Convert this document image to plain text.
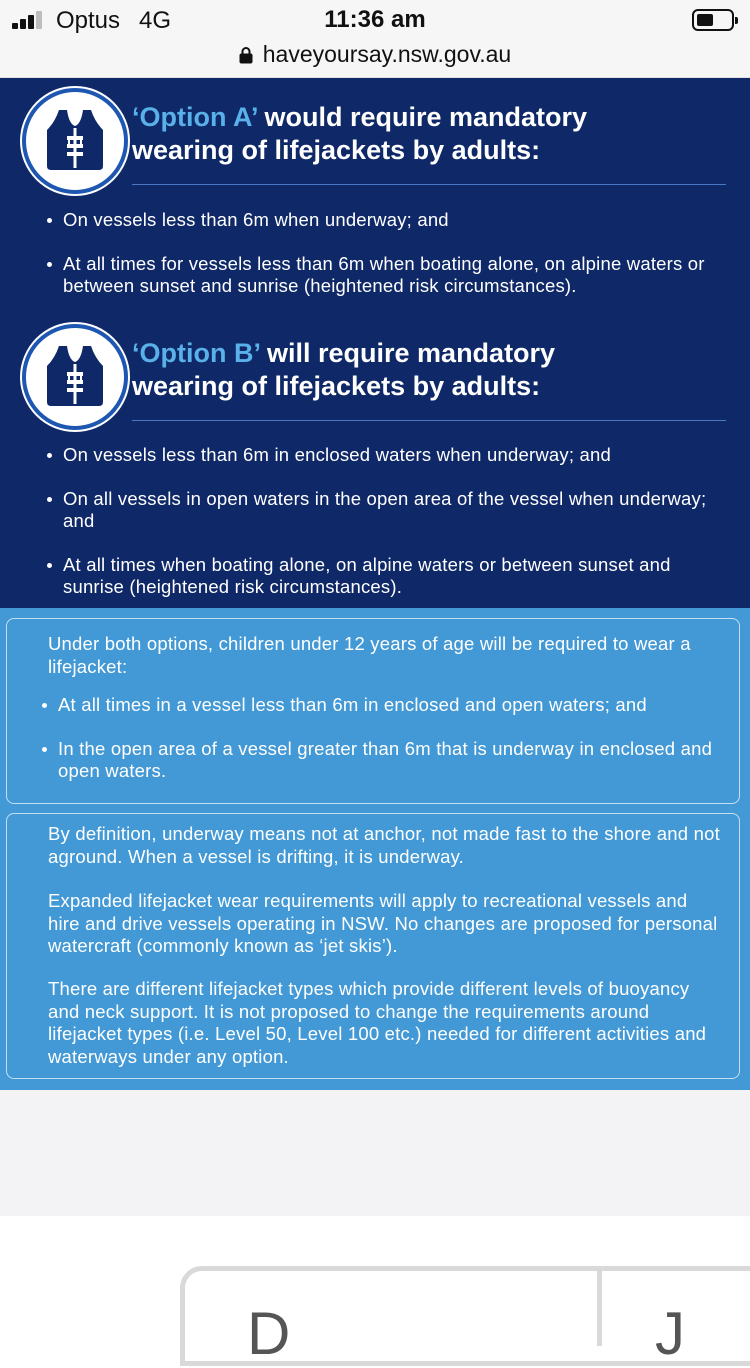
Optus 4G	11:36 am
haveyoursay.nsw.gov.au
‘Option A’ would require mandatory
wearing of lifejackets by adults:
On vessels less than 6m when underway; and
At all times for vessels less than 6m when boating alone, on alpine waters or between sunset and sunrise (heightened risk circumstances).
‘Option B’ will require mandatory
wearing of lifejackets by adults:
On vessels less than 6m in enclosed waters when underway; and
On all vessels in open waters in the open area of the vessel when underway; and
At all times when boating alone, on alpine waters or between sunset and sunrise (heightened risk circumstances).

Under both options, children under 12 years of age will be required to wear a lifejacket:

At all times in a vessel less than 6m in enclosed and open waters; and
In the open area of a vessel greater than 6m that is underway in enclosed and open waters.

By definition, underway means not at anchor, not made fast to the shore and not aground. When a vessel is drifting, it is underway.

Expanded lifejacket wear requirements will apply to recreational vessels and hire and drive vessels operating in NSW. No changes are proposed for personal watercraft (commonly known as ‘jet skis’).

There are different lifejacket types which provide different levels of buoyancy and neck support. It is not proposed to change the requirements around lifejacket types (i.e. Level 50, Level 100 etc.) needed for different activities and waterways under any option.

D	J
